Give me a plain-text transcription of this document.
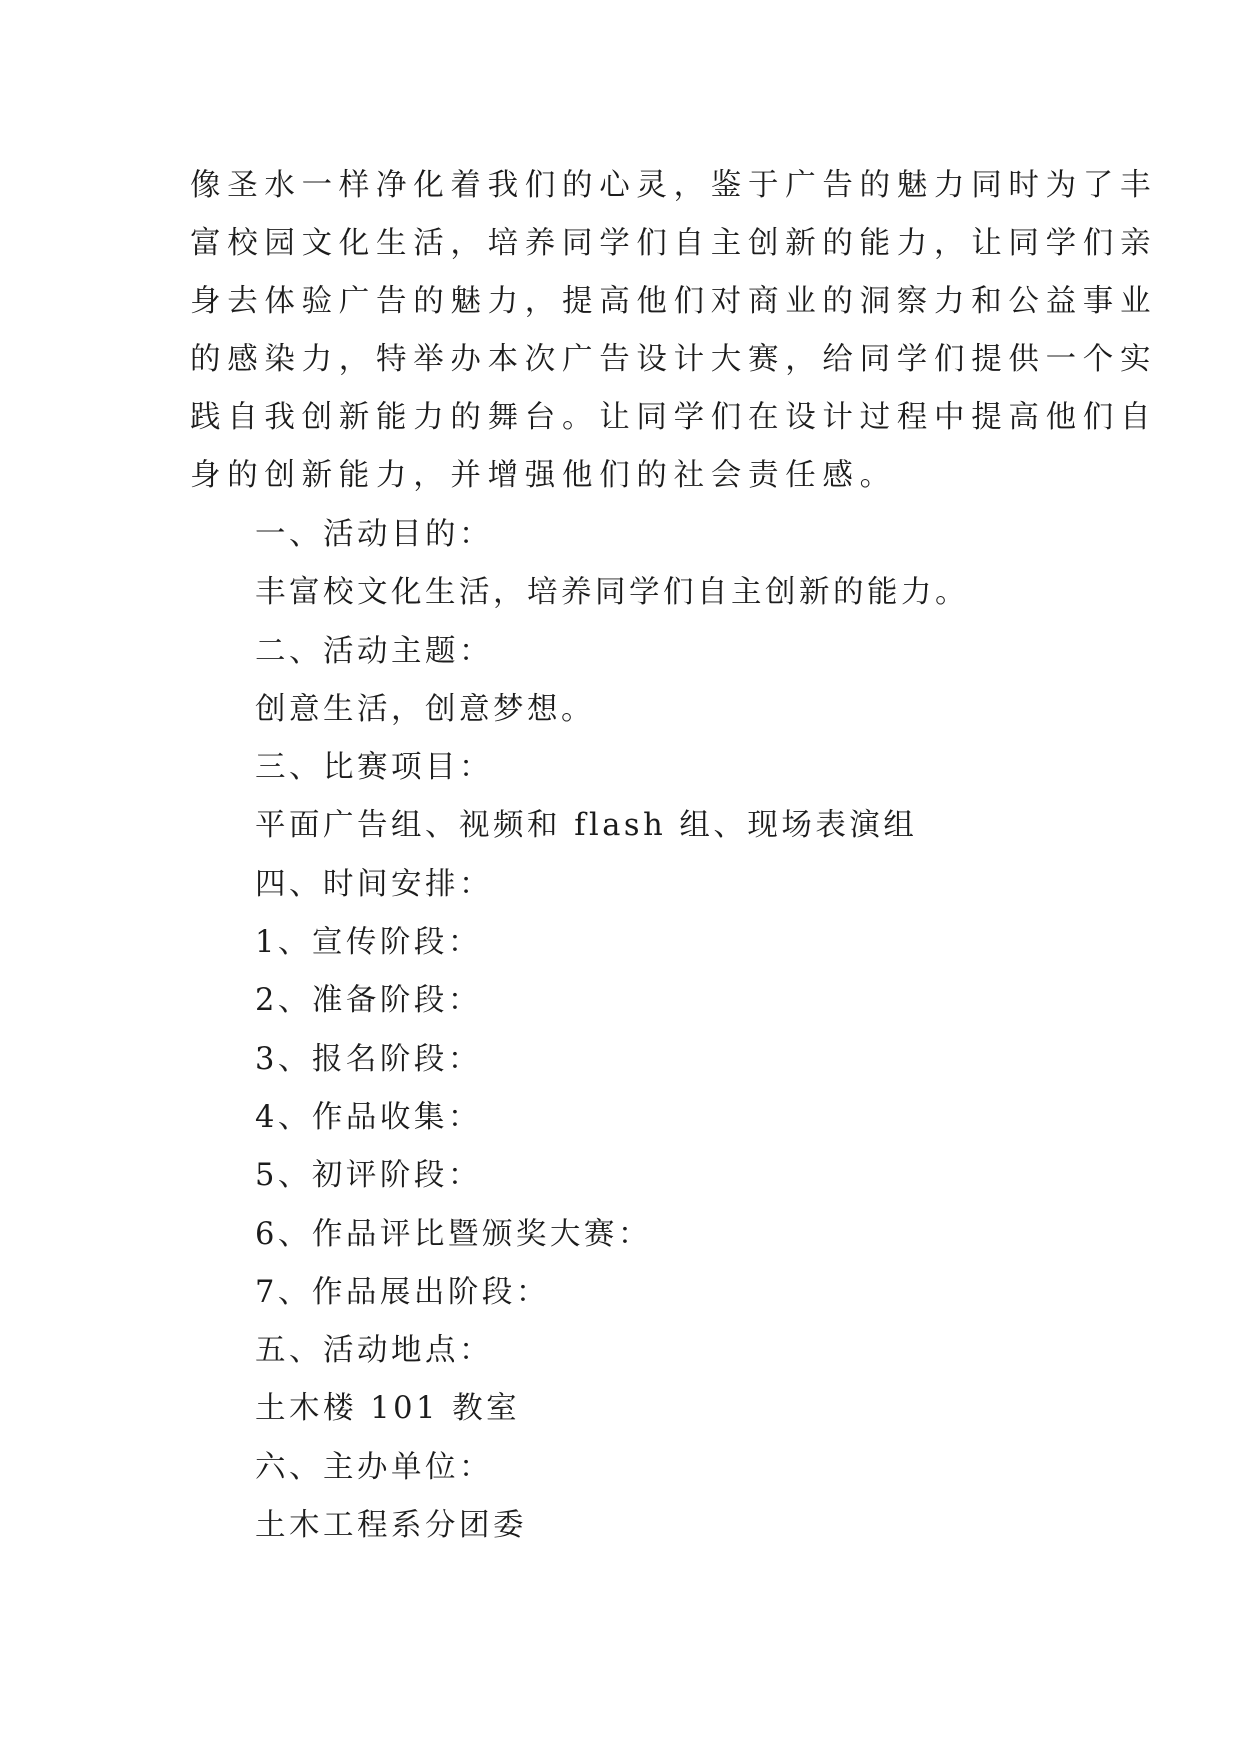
像圣水一样净化着我们的心灵，鉴于广告的魅力同时为了丰
富校园文化生活，培养同学们自主创新的能力，让同学们亲
身去体验广告的魅力，提高他们对商业的洞察力和公益事业
的感染力，特举办本次广告设计大赛，给同学们提供一个实
践自我创新能力的舞台。让同学们在设计过程中提高他们自
身的创新能力，并增强他们的社会责任感。
一、活动目的：
丰富校文化生活，培养同学们自主创新的能力。
二、活动主题：
创意生活，创意梦想。
三、比赛项目：
平面广告组、视频和 flash 组、现场表演组
四、时间安排：
1、宣传阶段：
2、准备阶段：
3、报名阶段：
4、作品收集：
5、初评阶段：
6、作品评比暨颁奖大赛：
7、作品展出阶段：
五、活动地点：
土木楼 101 教室
六、主办单位：
土木工程系分团委
